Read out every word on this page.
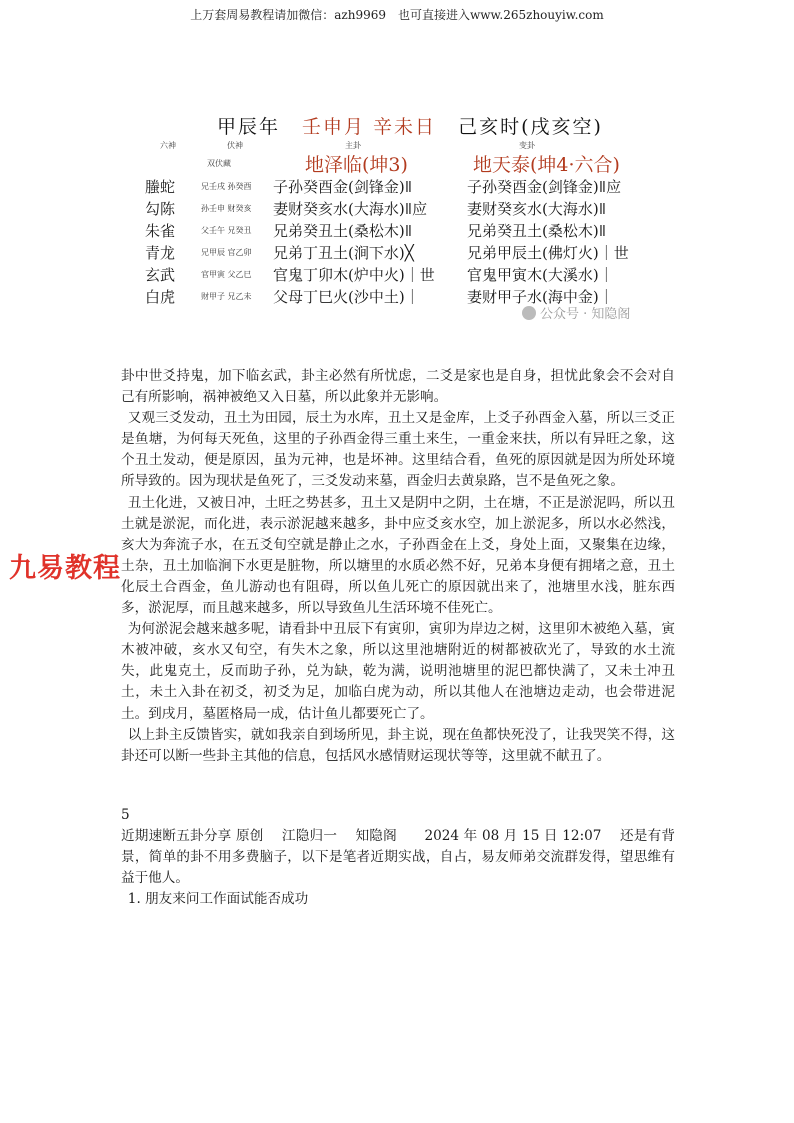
上万套周易教程请加微信：azh9969　也可直接进入www.265zhouyiw.com
甲辰年 壬申月 辛未日 己亥时(戌亥空)
六神	伏神
双伏藏
主卦	变卦
地泽临(坤3)	地天泰(坤4·六合)
螣蛇	兄壬戌 孙癸酉 子孙癸酉金(剑锋金)ǁ	子孙癸酉金(剑锋金)ǁ应
勾陈	孙壬申 财癸亥 妻财癸亥水(大海水)ǁ应	妻财癸亥水(大海水)ǁ
朱雀	父壬午 兄癸丑 兄弟癸丑土(桑松木)ǁ	兄弟癸丑土(桑松木)ǁ
青龙	兄甲辰 官乙卯 兄弟丁丑土(涧下水)╳	兄弟甲辰土(佛灯火)｜世
玄武	官甲寅 父乙巳 官鬼丁卯木(炉中火)｜世 官鬼甲寅木(大溪水)｜
白虎	财甲子 兄乙未 父母丁巳火(沙中土)｜	妻财甲子水(海中金)｜
公众号 · 知隐阁

卦中世爻持鬼，加下临玄武，卦主必然有所忧虑，二爻是家也是自身，担忧此象会不会对自己有所影响，祸神被绝又入日墓，所以此象并无影响。

又观三爻发动，丑土为田园，辰土为水库，丑土又是金库，上爻子孙酉金入墓，所以三爻正是鱼塘，为何每天死鱼，这里的子孙酉金得三重土来生，一重金来扶，所以有异旺之象，这个丑土发动，便是原因，虽为元神，也是坏神。这里结合看，鱼死的原因就是因为所处环境所导致的。因为现状是鱼死了，三爻发动来墓，酉金归去黄泉路，岂不是鱼死之象。

丑土化进，又被日冲，土旺之势甚多，丑土又是阴中之阴，土在塘，不正是淤泥吗，所以丑土就是淤泥，而化进，表示淤泥越来越多，卦中应爻亥水空，加上淤泥多，所以水必然浅，亥大为奔流子水，在五爻旬空就是静止之水，子孙酉金在上爻，身处上面，又聚集在边缘，土杂，丑土加临涧下水更是脏物，所以塘里的水质必然不好，兄弟本身便有拥堵之意，丑土化辰土合酉金，鱼儿游动也有阻碍，所以鱼儿死亡的原因就出来了，池塘里水浅，脏东西多，淤泥厚，而且越来越多，所以导致鱼儿生活环境不佳死亡。

为何淤泥会越来越多呢，请看卦中丑辰下有寅卯，寅卯为岸边之树，这里卯木被绝入墓，寅木被冲破，亥水又旬空，有失木之象，所以这里池塘附近的树都被砍光了，导致的水土流失，此鬼克土，反而助子孙，兑为缺，乾为满，说明池塘里的泥巴都快满了，又未土冲丑土，未土入卦在初爻，初爻为足，加临白虎为动，所以其他人在池塘边走动，也会带进泥土。到戌月，墓匿格局一成，估计鱼儿都要死亡了。

以上卦主反馈皆实，就如我亲自到场所见，卦主说，现在鱼都快死没了，让我哭笑不得，这卦还可以断一些卦主其他的信息，包括风水感情财运现状等等，这里就不献丑了。

九易教程

5

近期速断五卦分享 原创　 江隐归一　 知隐阁　　2024 年 08 月 15 日 12:07　 还是有背景，简单的卦不用多费脑子，以下是笔者近期实战，自占，易友师弟交流群发得，望思维有益于他人。

1. 朋友来问工作面试能否成功
